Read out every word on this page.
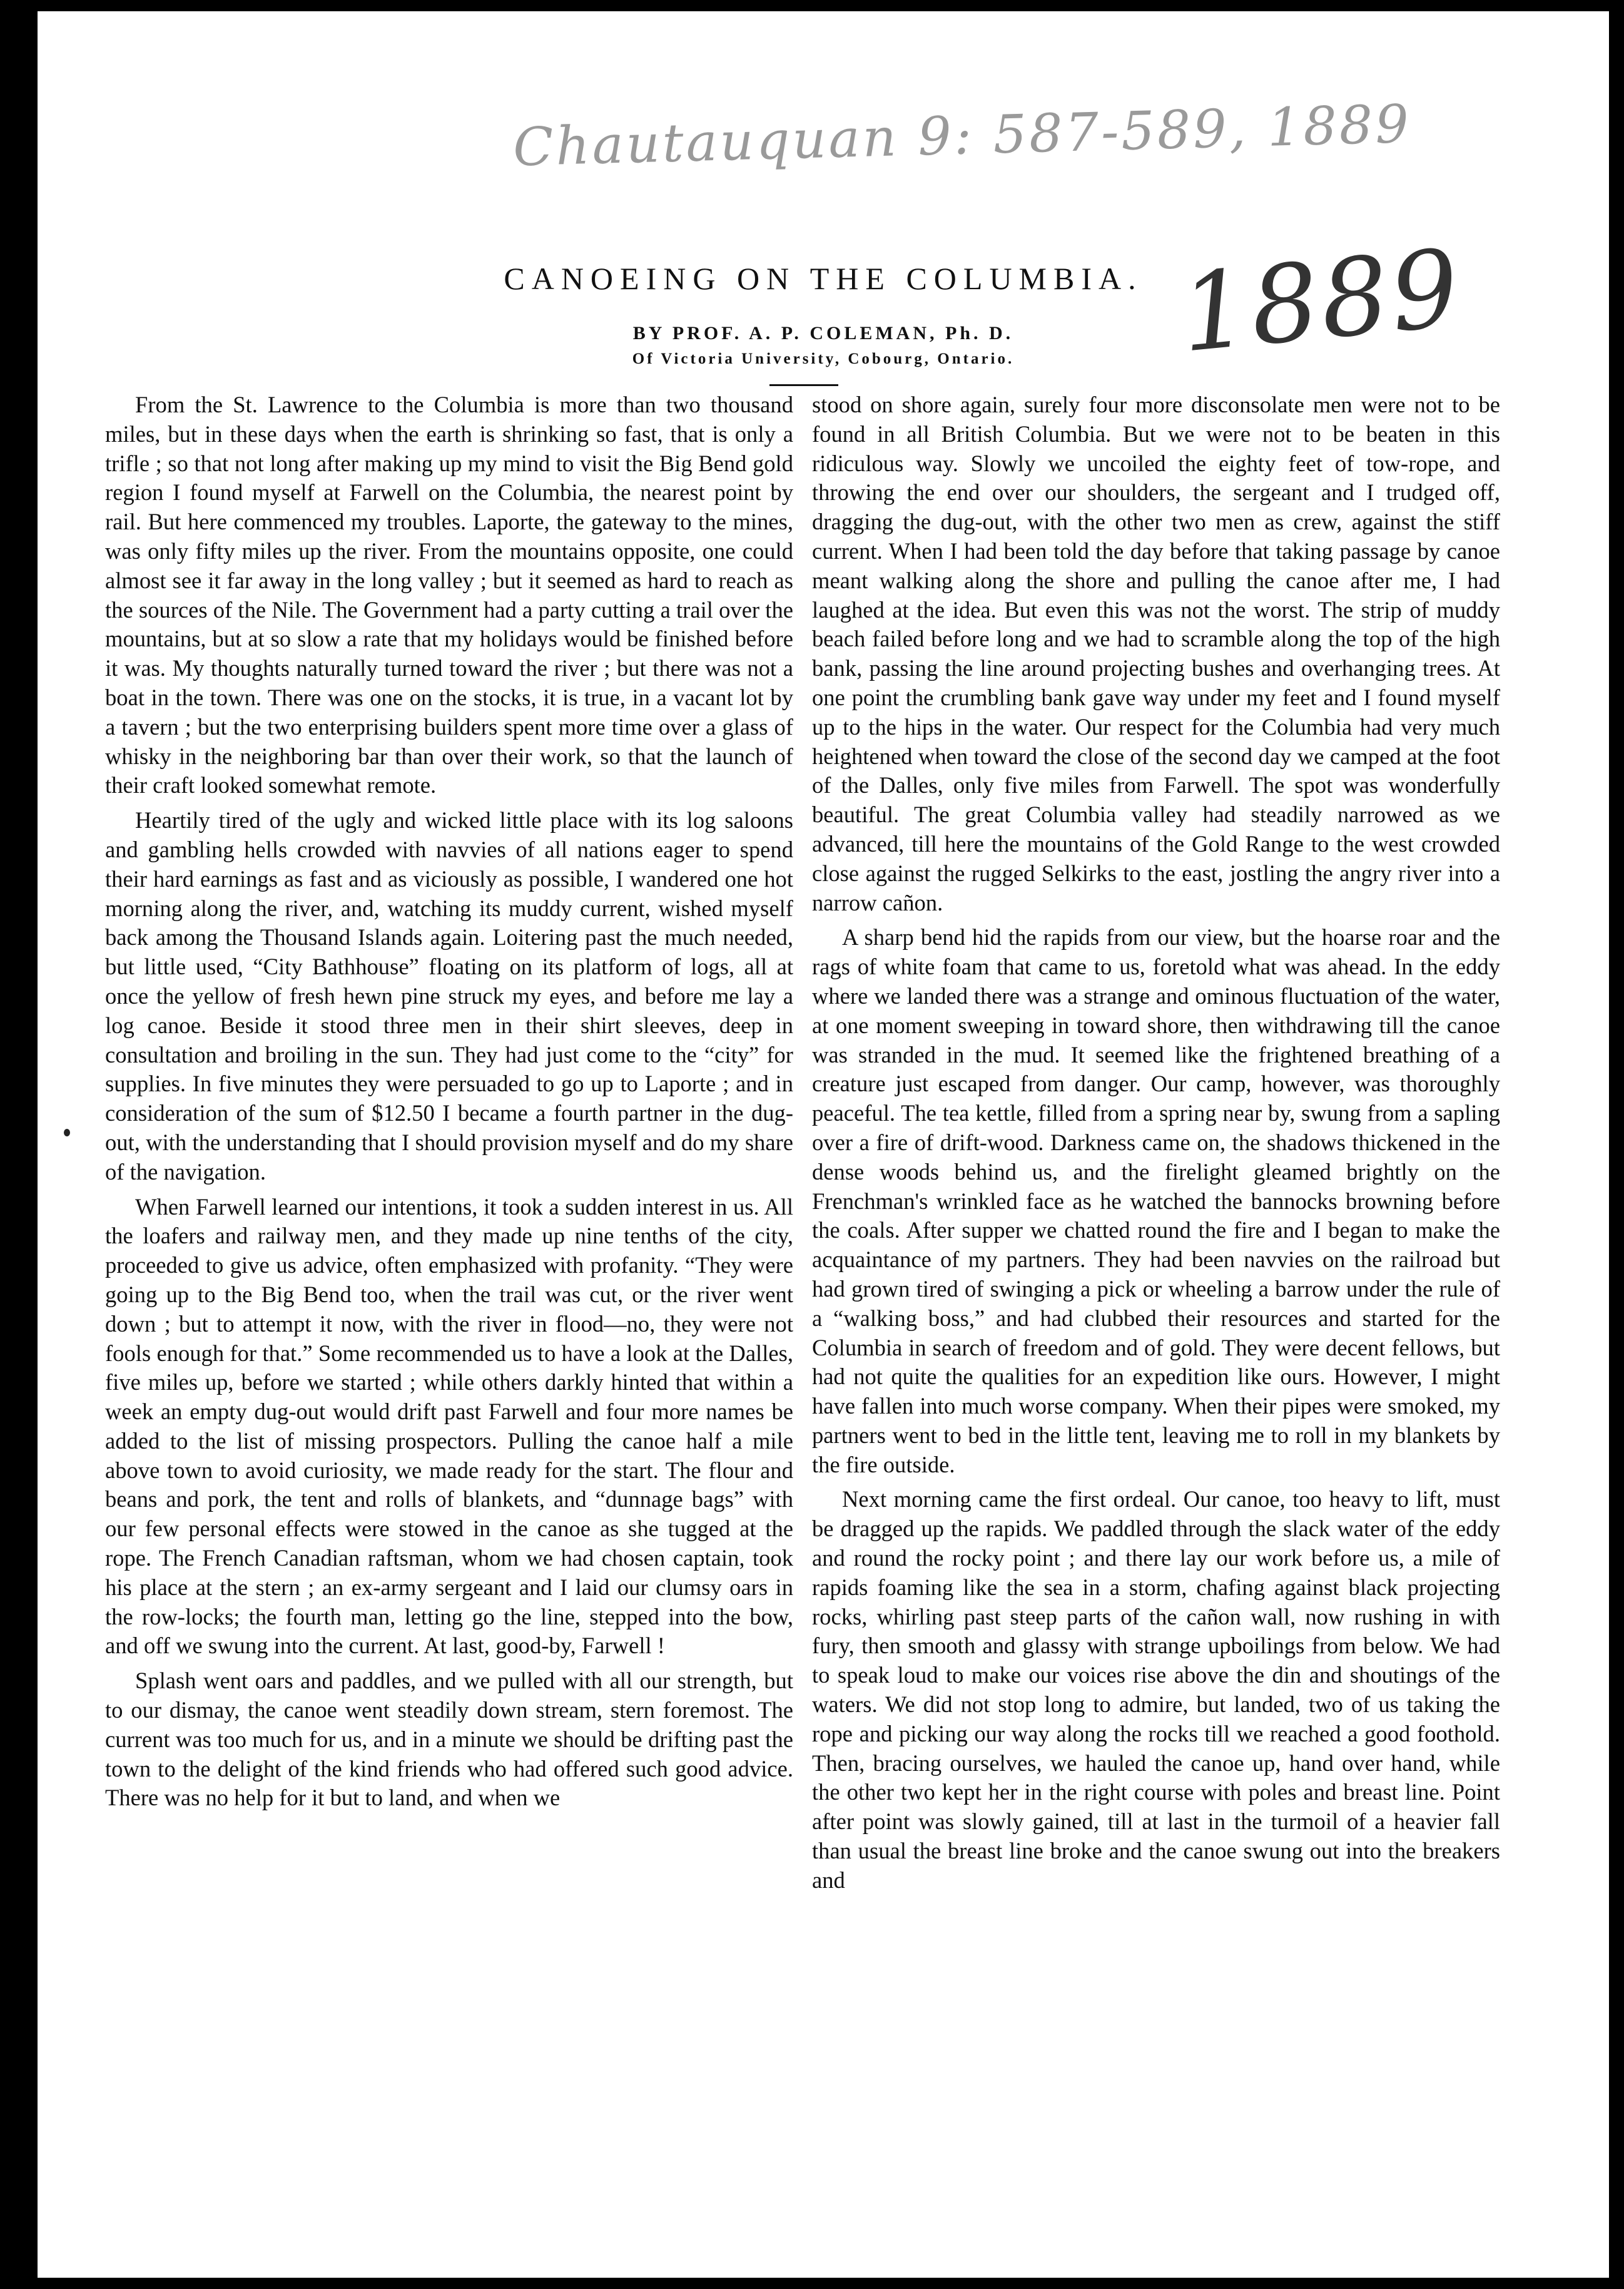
Chautauquan 9: 587-589, 1889
1889
CANOEING ON THE COLUMBIA.
BY PROF. A. P. COLEMAN, Ph. D.
Of Victoria University, Cobourg, Ontario.

From the St. Lawrence to the Columbia is more than two thousand miles, but in these days when the earth is shrinking so fast, that is only a trifle ; so that not long after making up my mind to visit the Big Bend gold region I found myself at Farwell on the Columbia, the nearest point by rail. But here commenced my troubles. Laporte, the gateway to the mines, was only fifty miles up the river. From the mountains opposite, one could almost see it far away in the long valley ; but it seemed as hard to reach as the sources of the Nile. The Government had a party cutting a trail over the mountains, but at so slow a rate that my holidays would be finished before it was. My thoughts naturally turned toward the river ; but there was not a boat in the town. There was one on the stocks, it is true, in a vacant lot by a tavern ; but the two enterprising builders spent more time over a glass of whisky in the neighboring bar than over their work, so that the launch of their craft looked somewhat remote.

Heartily tired of the ugly and wicked little place with its log saloons and gambling hells crowded with navvies of all nations eager to spend their hard earnings as fast and as viciously as possible, I wandered one hot morning along the river, and, watching its muddy current, wished myself back among the Thousand Islands again. Loitering past the much needed, but little used, “City Bathhouse” floating on its platform of logs, all at once the yellow of fresh hewn pine struck my eyes, and before me lay a log canoe. Beside it stood three men in their shirt sleeves, deep in consultation and broiling in the sun. They had just come to the “city” for supplies. In five minutes they were persuaded to go up to Laporte ; and in consideration of the sum of $12.50 I became a fourth partner in the dug-out, with the understanding that I should provision myself and do my share of the navigation.

When Farwell learned our intentions, it took a sudden interest in us. All the loafers and railway men, and they made up nine tenths of the city, proceeded to give us advice, often emphasized with profanity. “They were going up to the Big Bend too, when the trail was cut, or the river went down ; but to attempt it now, with the river in flood—no, they were not fools enough for that.” Some recommended us to have a look at the Dalles, five miles up, before we started ; while others darkly hinted that within a week an empty dug-out would drift past Farwell and four more names be added to the list of missing prospectors. Pulling the canoe half a mile above town to avoid curiosity, we made ready for the start. The flour and beans and pork, the tent and rolls of blankets, and “dunnage bags” with our few personal effects were stowed in the canoe as she tugged at the rope. The French Canadian raftsman, whom we had chosen captain, took his place at the stern ; an ex-army sergeant and I laid our clumsy oars in the row-locks; the fourth man, letting go the line, stepped into the bow, and off we swung into the current. At last, good-by, Farwell !

Splash went oars and paddles, and we pulled with all our strength, but to our dismay, the canoe went steadily down stream, stern foremost. The current was too much for us, and in a minute we should be drifting past the town to the delight of the kind friends who had offered such good advice. There was no help for it but to land, and when we

stood on shore again, surely four more disconsolate men were not to be found in all British Columbia. But we were not to be beaten in this ridiculous way. Slowly we uncoiled the eighty feet of tow-rope, and throwing the end over our shoulders, the sergeant and I trudged off, dragging the dug-out, with the other two men as crew, against the stiff current. When I had been told the day before that taking passage by canoe meant walking along the shore and pulling the canoe after me, I had laughed at the idea. But even this was not the worst. The strip of muddy beach failed before long and we had to scramble along the top of the high bank, passing the line around projecting bushes and overhanging trees. At one point the crumbling bank gave way under my feet and I found myself up to the hips in the water. Our respect for the Columbia had very much heightened when toward the close of the second day we camped at the foot of the Dalles, only five miles from Farwell. The spot was wonderfully beautiful. The great Columbia valley had steadily narrowed as we advanced, till here the mountains of the Gold Range to the west crowded close against the rugged Selkirks to the east, jostling the angry river into a narrow cañon.

A sharp bend hid the rapids from our view, but the hoarse roar and the rags of white foam that came to us, foretold what was ahead. In the eddy where we landed there was a strange and ominous fluctuation of the water, at one moment sweeping in toward shore, then withdrawing till the canoe was stranded in the mud. It seemed like the frightened breathing of a creature just escaped from danger. Our camp, however, was thoroughly peaceful. The tea kettle, filled from a spring near by, swung from a sapling over a fire of drift-wood. Darkness came on, the shadows thickened in the dense woods behind us, and the firelight gleamed brightly on the Frenchman's wrinkled face as he watched the bannocks browning before the coals. After supper we chatted round the fire and I began to make the acquaintance of my partners. They had been navvies on the railroad but had grown tired of swinging a pick or wheeling a barrow under the rule of a “walking boss,” and had clubbed their resources and started for the Columbia in search of freedom and of gold. They were decent fellows, but had not quite the qualities for an expedition like ours. However, I might have fallen into much worse company. When their pipes were smoked, my partners went to bed in the little tent, leaving me to roll in my blankets by the fire outside.

Next morning came the first ordeal. Our canoe, too heavy to lift, must be dragged up the rapids. We paddled through the slack water of the eddy and round the rocky point ; and there lay our work before us, a mile of rapids foaming like the sea in a storm, chafing against black projecting rocks, whirling past steep parts of the cañon wall, now rushing in with fury, then smooth and glassy with strange upboilings from below. We had to speak loud to make our voices rise above the din and shoutings of the waters. We did not stop long to admire, but landed, two of us taking the rope and picking our way along the rocks till we reached a good foothold. Then, bracing ourselves, we hauled the canoe up, hand over hand, while the other two kept her in the right course with poles and breast line. Point after point was slowly gained, till at last in the turmoil of a heavier fall than usual the breast line broke and the canoe swung out into the breakers and
